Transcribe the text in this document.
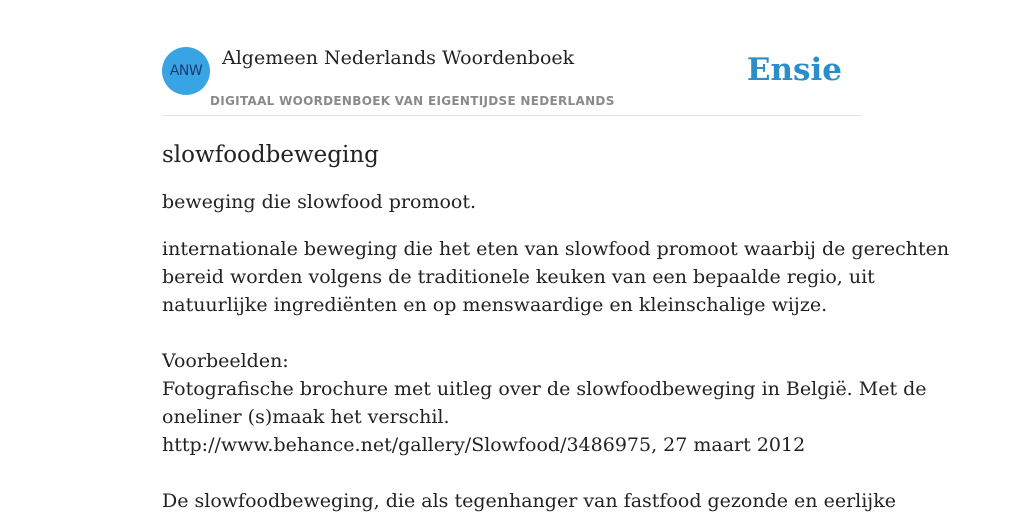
ANW
Algemeen Nederlands Woordenboek
DIGITAAL WOORDENBOEK VAN EIGENTIJDSE NEDERLANDS
Ensie
slowfoodbeweging

beweging die slowfood promoot.

internationale beweging die het eten van slowfood promoot waarbij de gerechten
bereid worden volgens de traditionele keuken van een bepaalde regio, uit
natuurlijke ingrediënten en op menswaardige en kleinschalige wijze.

Voorbeelden:

Fotografische brochure met uitleg over de slowfoodbeweging in België. Met de
oneliner (s)maak het verschil.
http://www.behance.net/gallery/Slowfood/3486975, 27 maart 2012

De slowfoodbeweging, die als tegenhanger van fastfood gezonde en eerlijke
